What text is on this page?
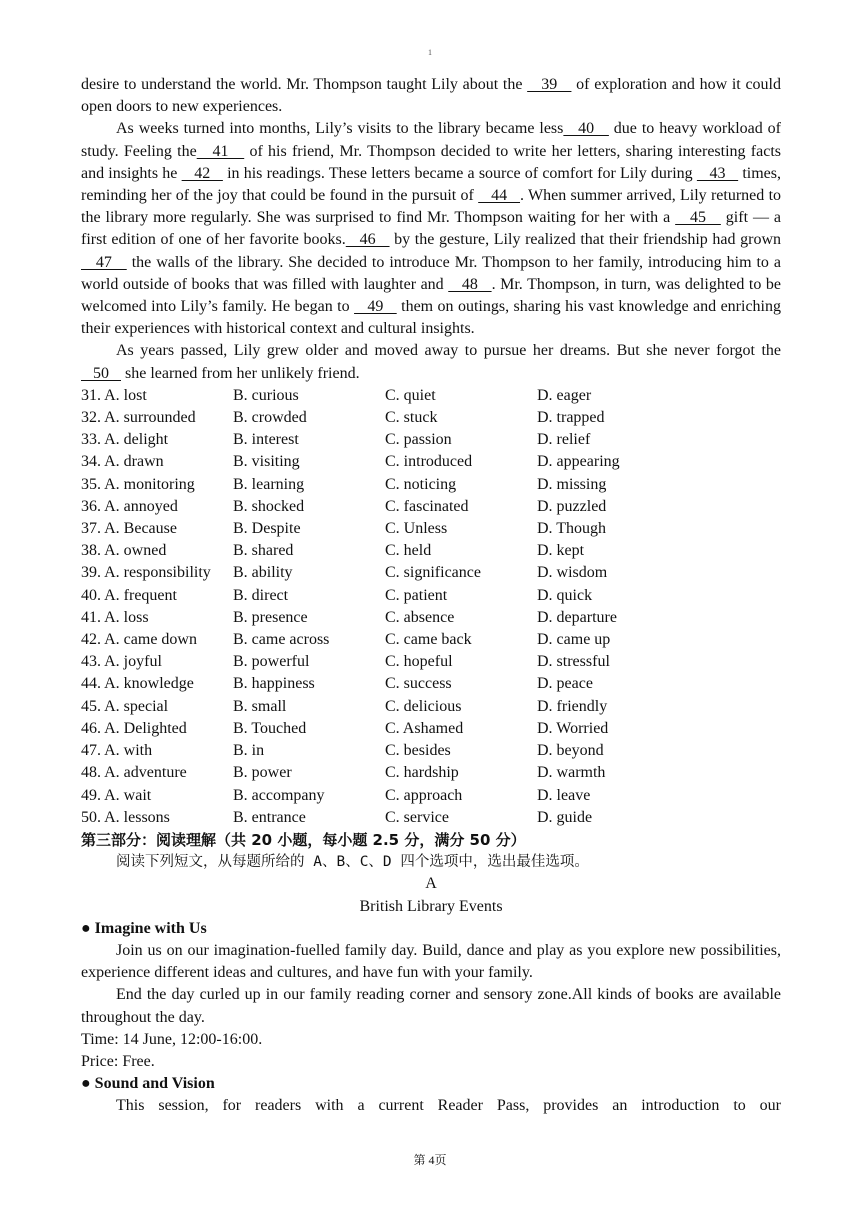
1

desire to understand the world. Mr. Thompson taught Lily about the    39    of exploration and how it could open doors to new experiences.

As weeks turned into months, Lily’s visits to the library became less   40    due to heavy workload of study. Feeling the   41    of his friend, Mr. Thompson decided to write her letters, sharing interesting facts and insights he    42    in his readings. These letters became a source of comfort for Lily during    43    times, reminding her of the joy that could be found in the pursuit of    44   . When summer arrived, Lily returned to the library more regularly. She was surprised to find Mr. Thompson waiting for her with a    45    gift — a first edition of one of her favorite books.   46    by the gesture, Lily realized that their friendship had grown    47    the walls of the library. She decided to introduce Mr. Thompson to her family, introducing him to a world outside of books that was filled with laughter and    48   . Mr. Thompson, in turn, was delighted to be welcomed into Lily’s family. He began to    49    them on outings, sharing his vast knowledge and enriching their experiences with historical context and cultural insights.

As years passed, Lily grew older and moved away to pursue her dreams. But she never forgot the    50    she learned from her unlikely friend.

31. A. lost	B. curious	C. quiet	D. eager
32. A. surrounded	B. crowded	C. stuck	D. trapped
33. A. delight	B. interest	C. passion	D. relief
34. A. drawn	B. visiting	C. introduced	D. appearing
35. A. monitoring	B. learning	C. noticing	D. missing
36. A. annoyed	B. shocked	C. fascinated	D. puzzled
37. A. Because	B. Despite	C. Unless	D. Though
38. A. owned	B. shared	C. held	D. kept
39. A. responsibility	B. ability	C. significance	D. wisdom
40. A. frequent	B. direct	C. patient	D. quick
41. A. loss	B. presence	C. absence	D. departure
42. A. came down	B. came across	C. came back	D. came up
43. A. joyful	B. powerful	C. hopeful	D. stressful
44. A. knowledge	B. happiness	C. success	D. peace
45. A. special	B. small	C. delicious	D. friendly
46. A. Delighted	B. Touched	C. Ashamed	D. Worried
47. A. with	B. in	C. besides	D. beyond
48. A. adventure	B. power	C. hardship	D. warmth
49. A. wait	B. accompany	C. approach	D. leave
50. A. lessons	B. entrance	C. service	D. guide

第三部分：阅读理解（共 20 小题，每小题 2.5 分，满分 50 分）

阅读下列短文，从每题所给的 A、B、C、D 四个选项中，选出最佳选项。

A

British Library Events

● Imagine with Us

Join us on our imagination-fuelled family day. Build, dance and play as you explore new possibilities, experience different ideas and cultures, and have fun with your family.

End the day curled up in our family reading corner and sensory zone.All kinds of books are available throughout the day.

Time: 14 June, 12:00-16:00.

Price: Free.

● Sound and Vision

This session, for readers with a current Reader Pass, provides an introduction to our

第 4页
